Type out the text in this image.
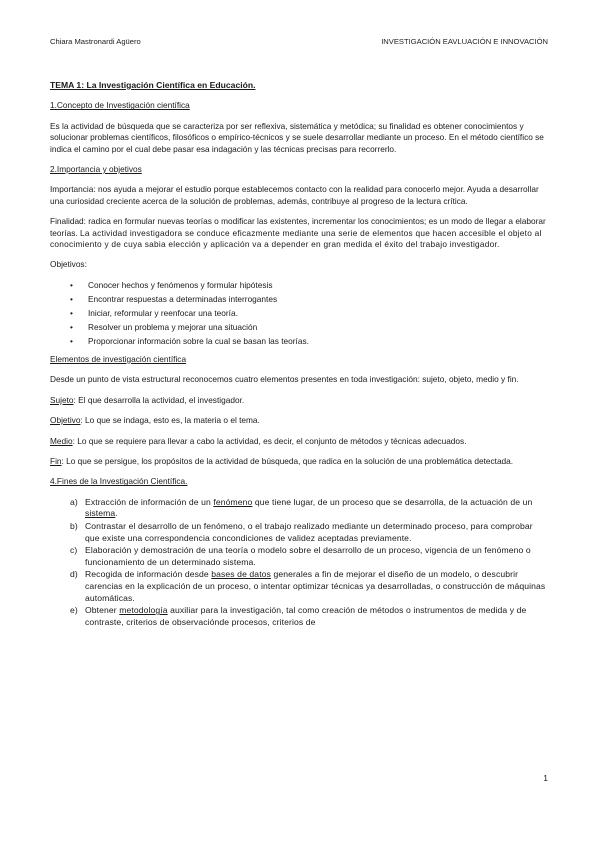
Chiara Mastronardi Agüero	INVESTIGACIÓN EAVLUACIÓN E INNOVACIÓN

TEMA 1: La Investigación Científica en Educación.

1.Concepto de Investigación científica

Es la actividad de búsqueda que se caracteriza por ser reflexiva, sistemática y metódica; su finalidad es obtener conocimientos y solucionar problemas científicos, filosóficos o empírico-técnicos y se suele desarrollar mediante un proceso. En el método científico se indica el camino por el cual debe pasar esa indagación y las técnicas precisas para recorrerlo.

2.Importancia y objetivos

Importancia: nos ayuda a mejorar el estudio porque establecemos contacto con la realidad para conocerlo mejor. Ayuda a desarrollar una curiosidad creciente acerca de la solución de problemas, además, contribuye al progreso de la lectura crítica.

Finalidad: radica en formular nuevas teorías o modificar las existentes, incrementar los conocimientos; es un modo de llegar a elaborar teorías. La actividad investigadora se conduce eficazmente mediante una serie de elementos que hacen accesible el objeto al conocimiento y de cuya sabia elección y aplicación va a depender en gran medida el éxito del trabajo investigador.

Objetivos:

• Conocer hechos y fenómenos y formular hipótesis
• Encontrar respuestas a determinadas interrogantes
• Iniciar, reformular y reenfocar una teoría.
• Resolver un problema y mejorar una situación
• Proporcionar información sobre la cual se basan las teorías.

Elementos de investigación científica

Desde un punto de vista estructural reconocemos cuatro elementos presentes en toda investigación: sujeto, objeto, medio y fin.

Sujeto: El que desarrolla la actividad, el investigador.

Objetivo: Lo que se indaga, esto es, la materia o el tema.

Medio: Lo que se requiere para llevar a cabo la actividad, es decir, el conjunto de métodos y técnicas adecuados.

Fin: Lo que se persigue, los propósitos de la actividad de búsqueda, que radica en la solución de una problemática detectada.

4.Fines de la Investigación Científica.

a) Extracción de información de un fenómeno que tiene lugar, de un proceso que se desarrolla, de la actuación de un sistema.
b) Contrastar el desarrollo de un fenómeno, o el trabajo realizado mediante un determinado proceso, para comprobar que existe una correspondencia concondiciones de validez aceptadas previamente.
c) Elaboración y demostración de una teoría o modelo sobre el desarrollo de un proceso, vigencia de un fenómeno o funcionamiento de un determinado sistema.
d) Recogida de información desde bases de datos generales a fin de mejorar el diseño de un modelo, o descubrir carencias en la explicación de un proceso, o intentar optimizar técnicas ya desarrolladas, o construcción de máquinas automáticas.
e) Obtener metodología auxiliar para la investigación, tal como creación de métodos o instrumentos de medida y de contraste, criterios de observaciónde procesos, criterios de
1
